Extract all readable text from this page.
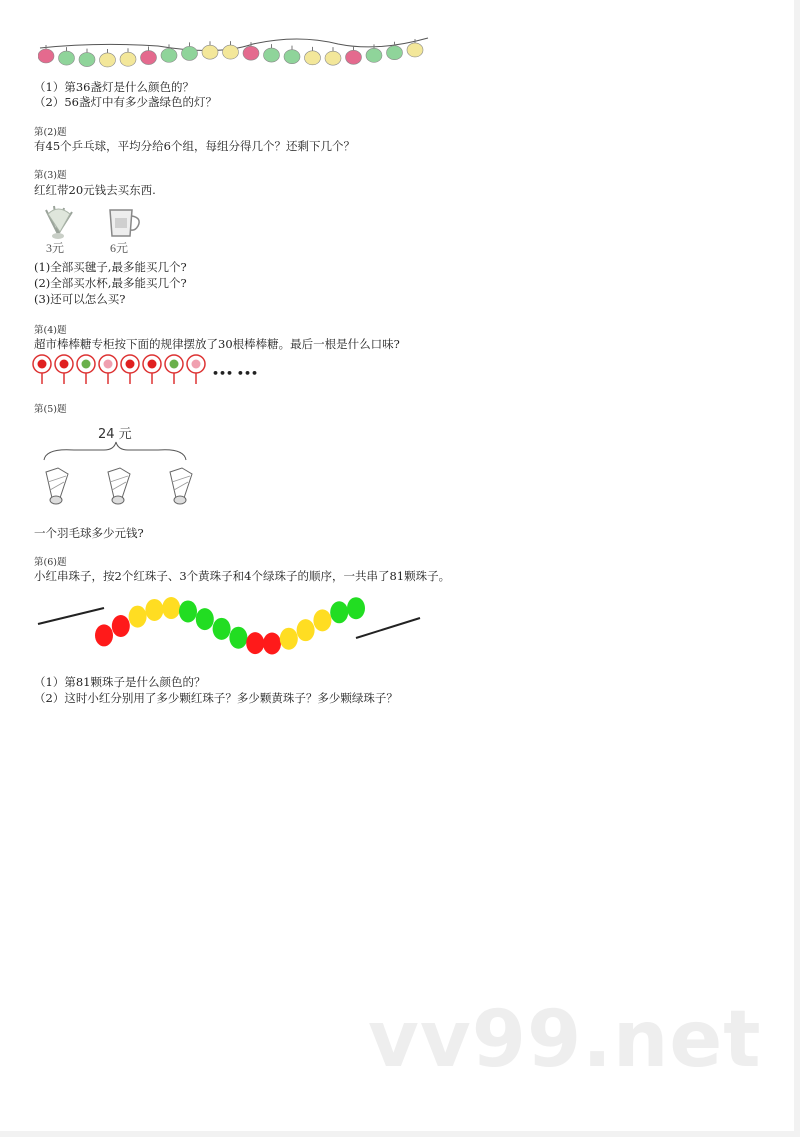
（1）第36盏灯是什么颜色的？
（2）56盏灯中有多少盏绿色的灯？
第(2)题
有45个乒乓球，平均分给6个组，每组分得几个？还剩下几个？
第(3)题
红红带20元钱去买东西.
3元	6元
(1)全部买毽子,最多能买几个?
(2)全部买水杯,最多能买几个?
(3)还可以怎么买?
第(4)题
超市棒棒糖专柜按下面的规律摆放了30根棒棒糖。最后一根是什么口味?
••• •••
第(5)题
24 元
一个羽毛球多少元钱?
第(6)题
小红串珠子，按2个红珠子、3个黄珠子和4个绿珠子的顺序，一共串了81颗珠子。
（1）第81颗珠子是什么颜色的？
（2）这时小红分别用了多少颗红珠子？多少颗黄珠子？多少颗绿珠子？
vv99.net
